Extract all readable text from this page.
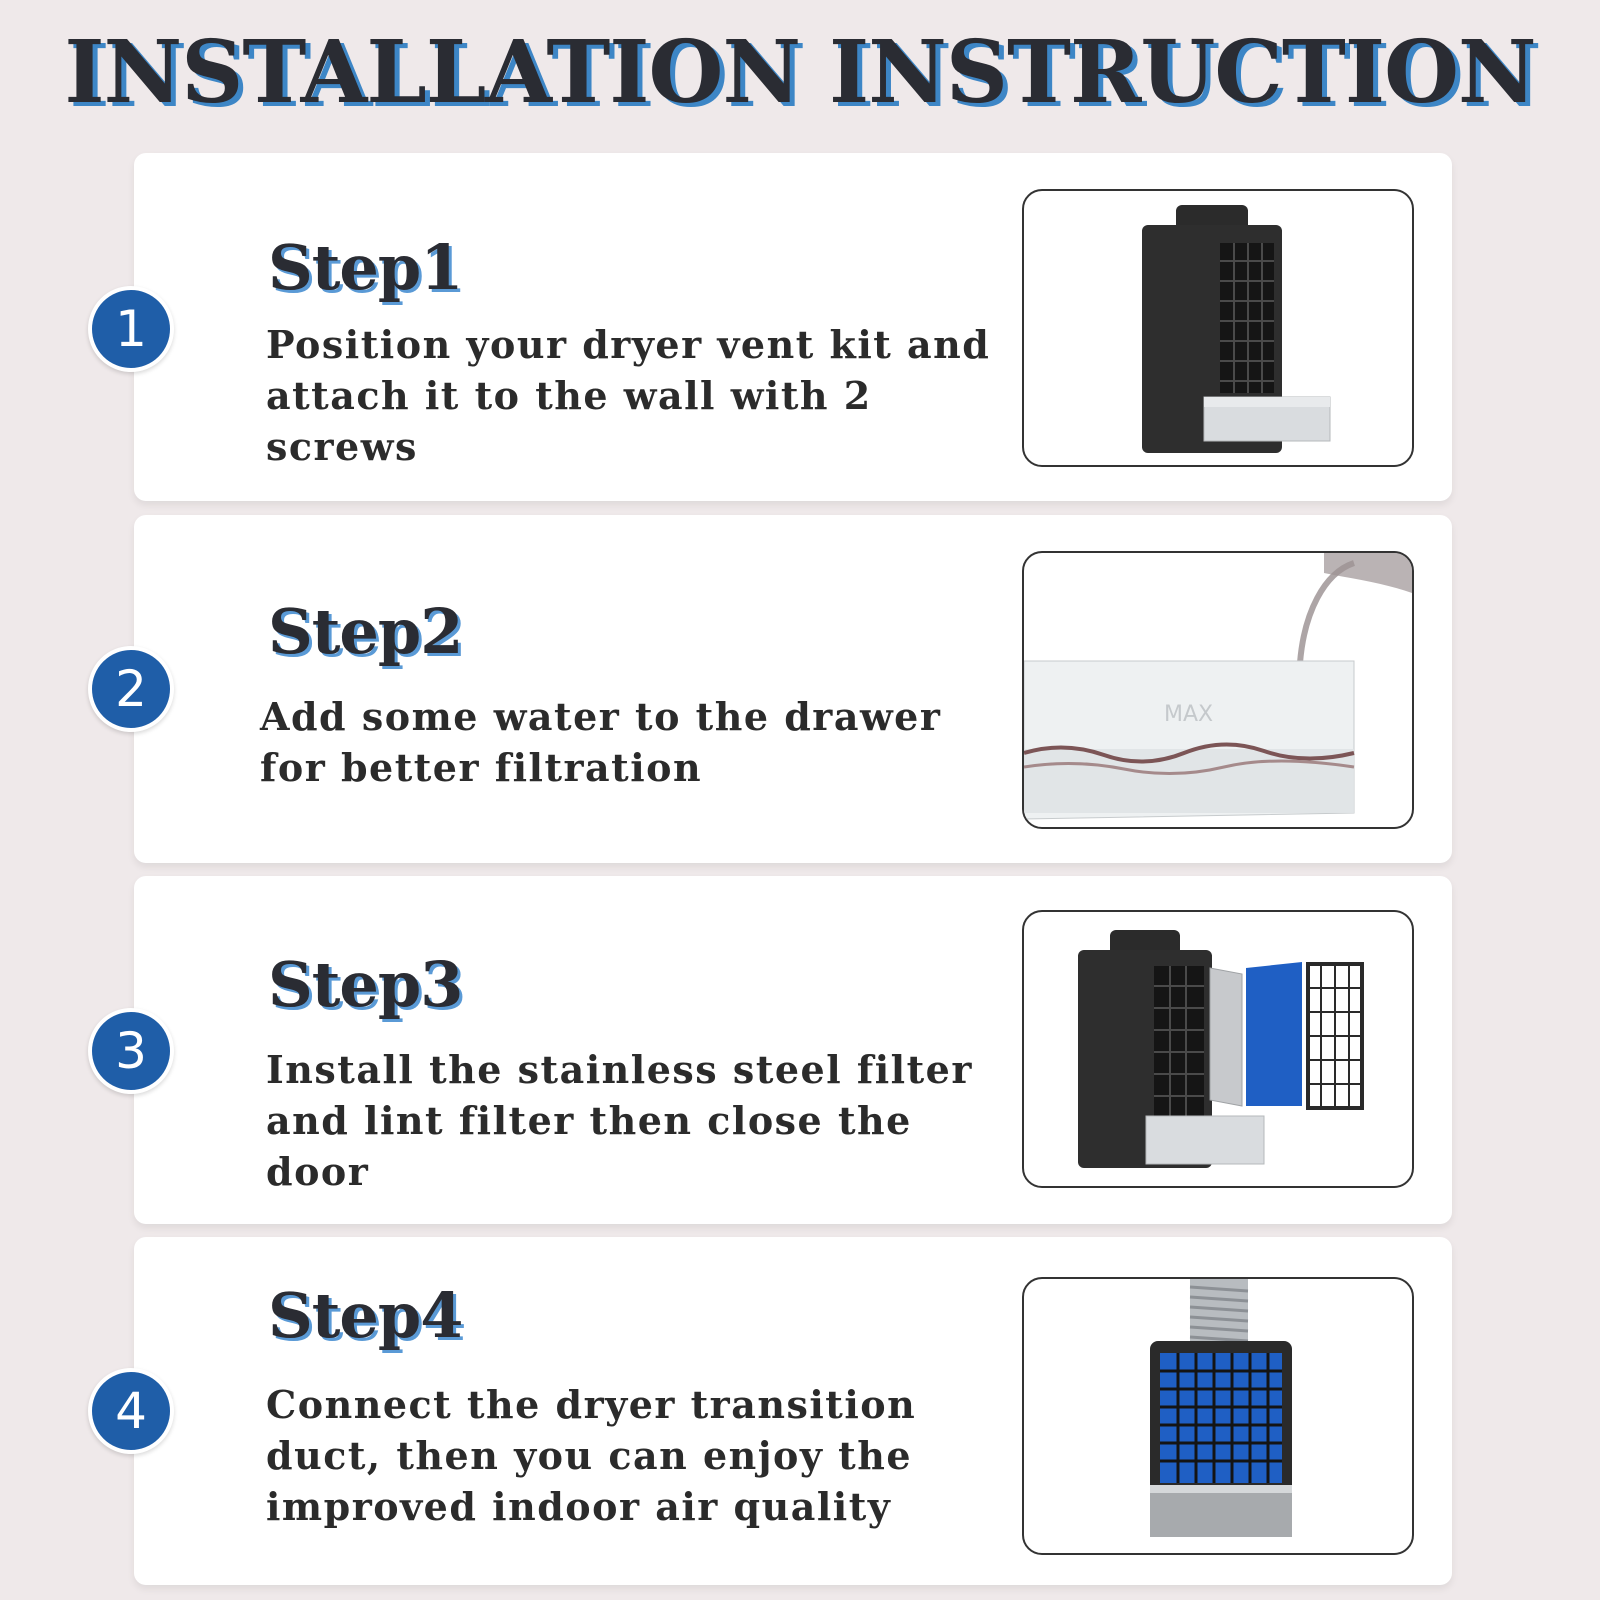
INSTALLATION INSTRUCTION
Step1

Position your dryer vent kit and attach it to the wall with 2 screws

1
Step2

Add some water to the drawer for better filtration

MAX
2
Step3

Install the stainless steel filter and lint filter then close the door

3
Step4

Connect the dryer transition duct, then you can enjoy the improved indoor air quality

4
